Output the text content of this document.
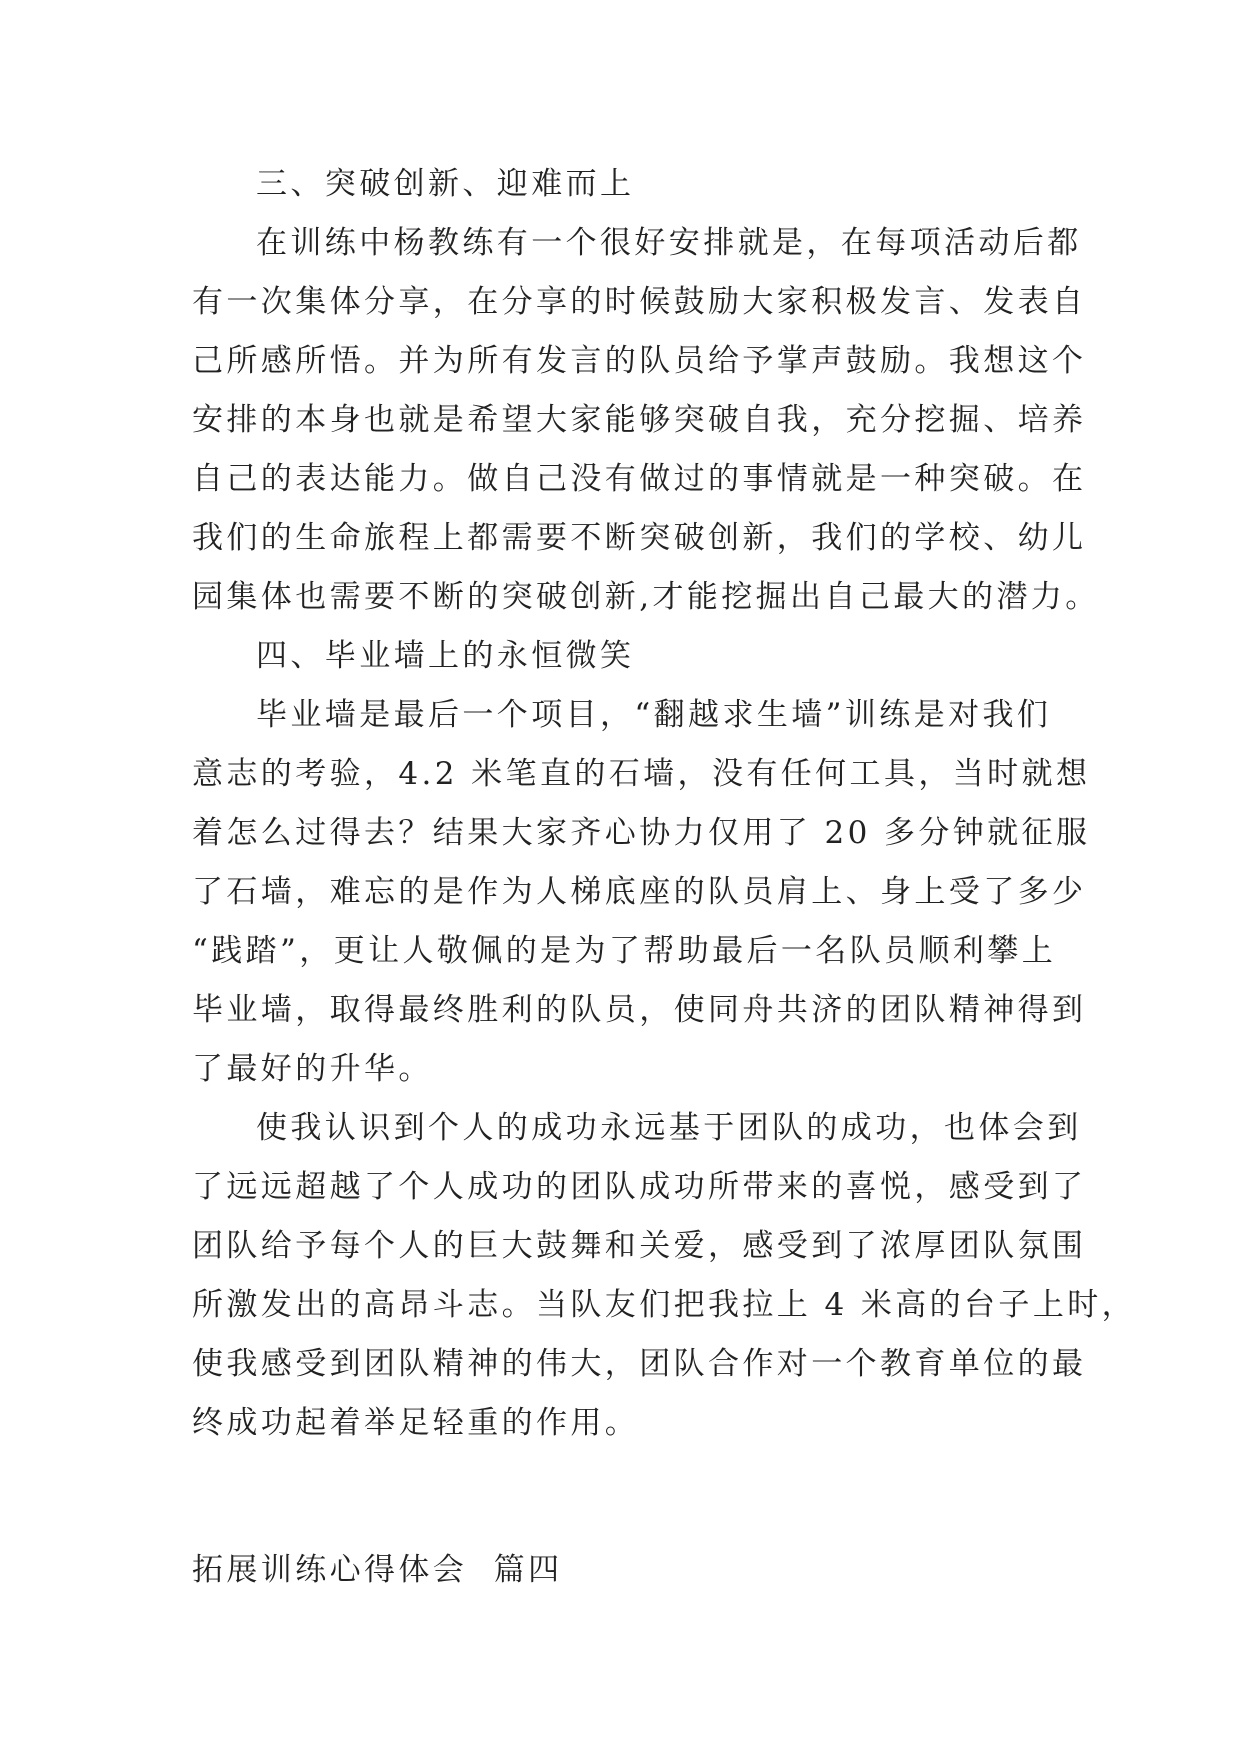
三、突破创新、迎难而上
在训练中杨教练有一个很好安排就是，在每项活动后都
有一次集体分享，在分享的时候鼓励大家积极发言、发表自
己所感所悟。并为所有发言的队员给予掌声鼓励。我想这个
安排的本身也就是希望大家能够突破自我，充分挖掘、培养
自己的表达能力。做自己没有做过的事情就是一种突破。在
我们的生命旅程上都需要不断突破创新，我们的学校、幼儿
园集体也需要不断的突破创新,才能挖掘出自己最大的潜力。
四、毕业墙上的永恒微笑
毕业墙是最后一个项目，“翻越求生墙”训练是对我们
意志的考验，4.2 米笔直的石墙，没有任何工具，当时就想
着怎么过得去？结果大家齐心协力仅用了 20 多分钟就征服
了石墙，难忘的是作为人梯底座的队员肩上、身上受了多少
“践踏”，更让人敬佩的是为了帮助最后一名队员顺利攀上
毕业墙，取得最终胜利的队员，使同舟共济的团队精神得到
了最好的升华。
使我认识到个人的成功永远基于团队的成功，也体会到
了远远超越了个人成功的团队成功所带来的喜悦，感受到了
团队给予每个人的巨大鼓舞和关爱，感受到了浓厚团队氛围
所激发出的高昂斗志。当队友们把我拉上 4 米高的台子上时，
使我感受到团队精神的伟大，团队合作对一个教育单位的最
终成功起着举足轻重的作用。
拓展训练心得体会  篇四
